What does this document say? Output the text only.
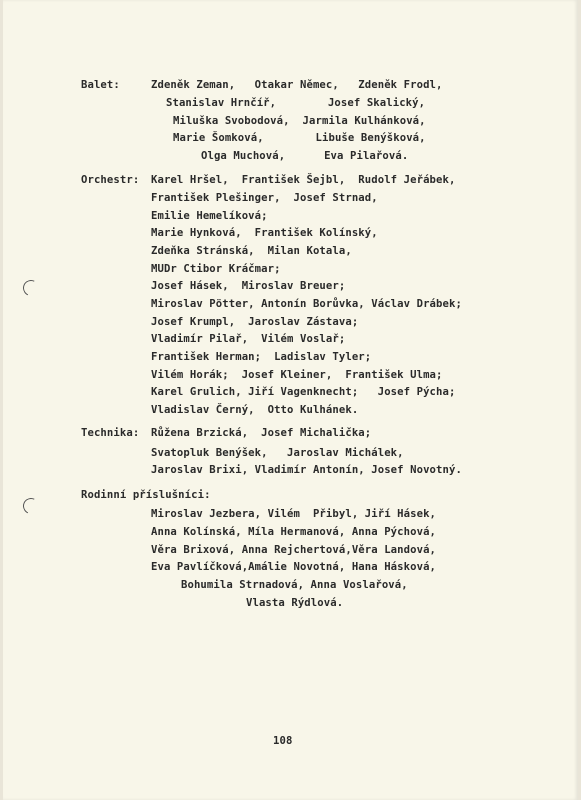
Balet:	Zdeněk Zeman,   Otakar Němec,   Zdeněk Frodl,
Stanislav Hrnčíř,        Josef Skalický,
Miluška Svobodová,  Jarmila Kulhánková,
Marie Šomková,        Libuše Benýšková,
Olga Muchová,      Eva Pilařová.
Orchestr: Karel Hršel,  František Šejbl,  Rudolf Jeřábek,
František Plešinger,  Josef Strnad,
Emilie Hemelíková;
Marie Hynková,  František Kolínský,
Zdeňka Stránská,  Milan Kotala,
MUDr Ctibor Kráčmar;
Josef Hásek,  Miroslav Breuer;
Miroslav Pötter, Antonín Borůvka, Václav Drábek;
Josef Krumpl,  Jaroslav Zástava;
Vladimír Pilař,  Vilém Voslař;
František Herman;  Ladislav Tyler;
Vilém Horák;  Josef Kleiner,  František Ulma;
Karel Grulich, Jiří Vagenknecht;   Josef Pýcha;
Vladislav Černý,  Otto Kulhánek.
Technika: Růžena Brzická,  Josef Michalička;
Svatopluk Benýšek,   Jaroslav Michálek,
Jaroslav Brixi, Vladimír Antonín, Josef Novotný.
Rodinní příslušníci:
Miroslav Jezbera, Vilém  Přibyl, Jiří Hásek,
Anna Kolínská, Míla Hermanová, Anna Pýchová,
Věra Brixová, Anna Rejchertová,Věra Landová,
Eva Pavlíčková,Amálie Novotná, Hana Hásková,
Bohumila Strnadová, Anna Voslařová,
Vlasta Rýdlová.
108
